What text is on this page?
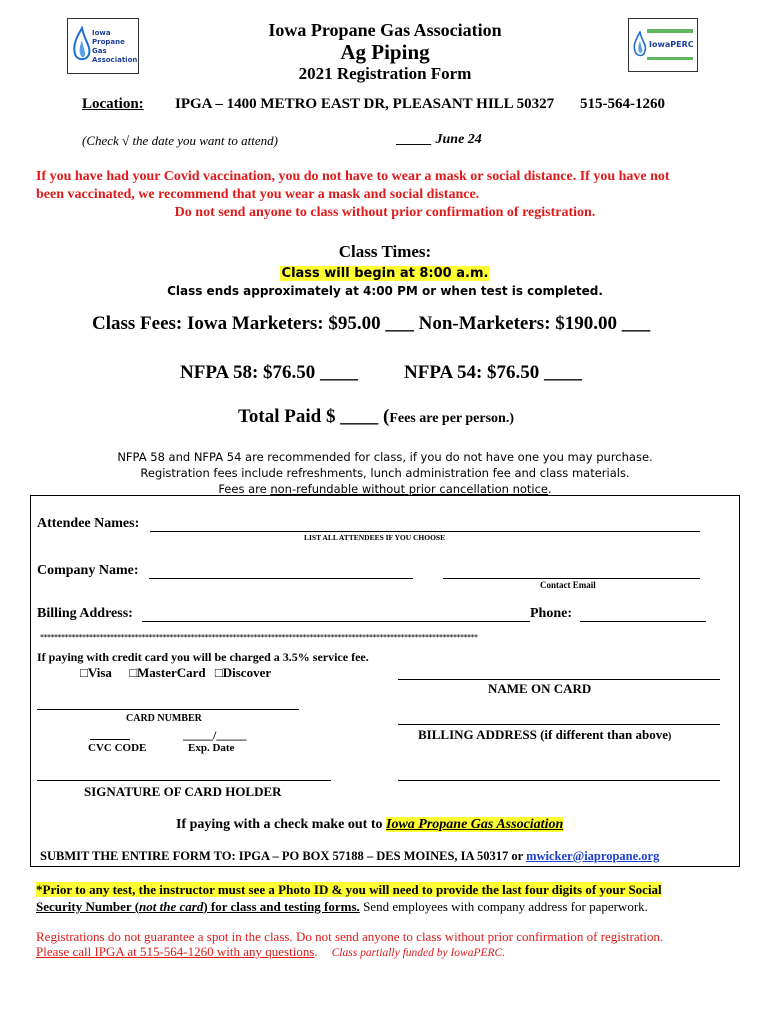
Iowa
Propane Gas
Association
IowaPERC
Iowa Propane Gas Association
Ag Piping
2021 Registration Form
Location: IPGA – 1400 METRO EAST DR, PLEASANT HILL 50327 515-564-1260
(Check √ the date you want to attend)	_____ June 24
If you have had your Covid vaccination, you do not have to wear a mask or social distance. If you have not
been vaccinated, we recommend that you wear a mask and social distance.
Do not send anyone to class without prior confirmation of registration.
Class Times:
Class will begin at 8:00 a.m.
Class ends approximately at 4:00 PM or when test is completed.
Class Fees: Iowa Marketers: $95.00 ___ Non-Marketers: $190.00 ___
NFPA 58: $76.50 ____ NFPA 54: $76.50 ____
Total Paid $ ____ (Fees are per person.)
NFPA 58 and NFPA 54 are recommended for class, if you do not have one you may purchase.
Registration fees include refreshments, lunch administration fee and class materials.
Fees are non-refundable without prior cancellation notice.
Attendee Names:
LIST ALL ATTENDEES IF YOU CHOOSE
Company Name:
Contact Email
Billing Address:	Phone:
*****************************************************************************************************************************
If paying with credit card you will be charged a 3.5% service fee.
□Visa □MasterCard □Discover
NAME ON CARD
CARD NUMBER
_____/_____
CVC CODE	Exp. Date
BILLING ADDRESS (if different than above)
SIGNATURE OF CARD HOLDER
If paying with a check make out to Iowa Propane Gas Association
SUBMIT THE ENTIRE FORM TO: IPGA – PO BOX 57188 – DES MOINES, IA 50317 or mwicker@iapropane.org
*Prior to any test, the instructor must see a Photo ID & you will need to provide the last four digits of your Social
Security Number (not the card) for class and testing forms. Send employees with company address for paperwork.
Registrations do not guarantee a spot in the class. Do not send anyone to class without prior confirmation of registration.
Please call IPGA at 515-564-1260 with any questions. Class partially funded by IowaPERC.
